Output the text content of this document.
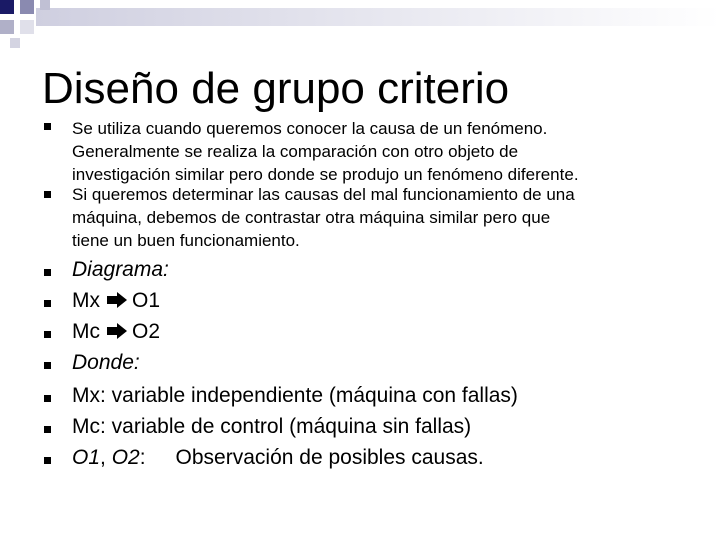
Diseño de grupo criterio
Se utiliza cuando queremos conocer la causa de un fenómeno.
Generalmente se realiza la comparación con otro objeto de
investigación similar pero donde se produjo un fenómeno diferente.
Si queremos determinar las causas del mal funcionamiento de una
máquina, debemos de contrastar otra máquina similar pero que
tiene un buen funcionamiento.
Diagrama:
Mx O1
Mc O2
Donde:
Mx: variable independiente (máquina con fallas)
Mc: variable de control (máquina sin fallas)
O1, O2: Observación de posibles causas.
